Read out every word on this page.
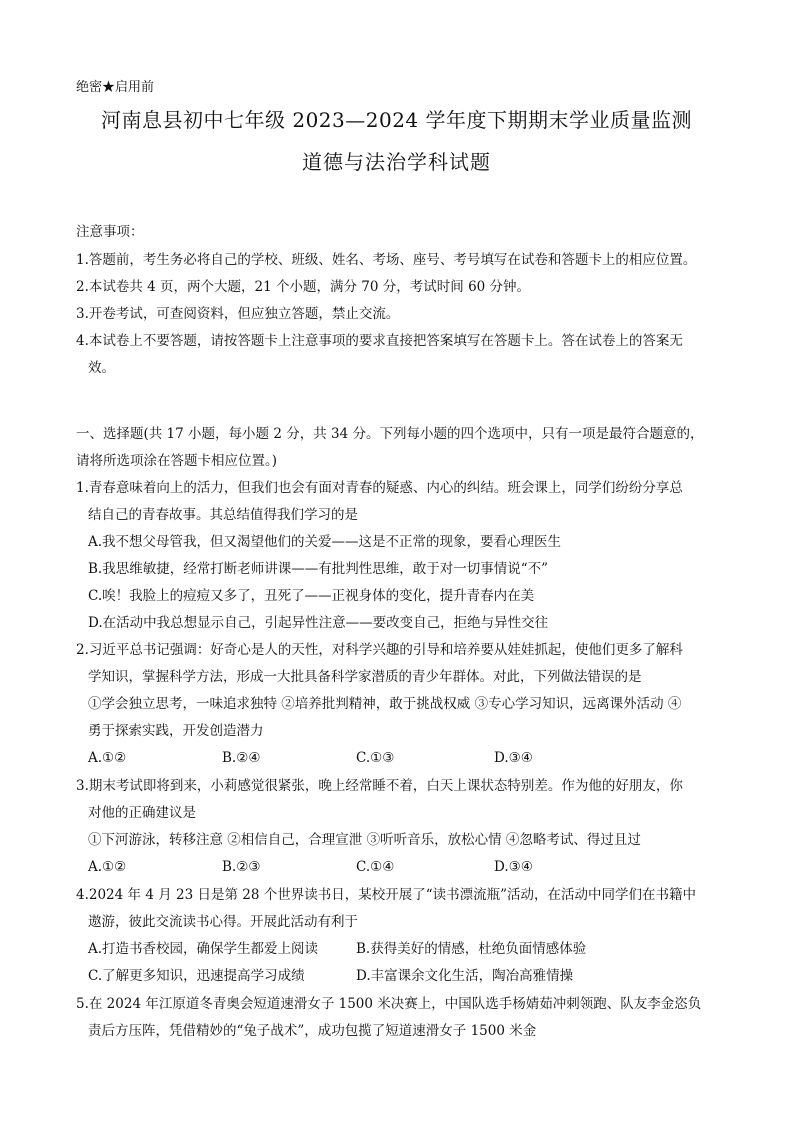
绝密★启用前
河南息县初中七年级 2023—2024 学年度下期期末学业质量监测
道德与法治学科试题
注意事项：
1.答题前，考生务必将自己的学校、班级、姓名、考场、座号、考号填写在试卷和答题卡上的相应位置。
2.本试卷共 4 页，两个大题，21 个小题，满分 70 分，考试时间 60 分钟。
3.开卷考试，可查阅资料，但应独立答题，禁止交流。
4.本试卷上不要答题，请按答题卡上注意事项的要求直接把答案填写在答题卡上。答在试卷上的答案无
效。
一、选择题(共 17 小题，每小题 2 分，共 34 分。下列每小题的四个选项中，只有一项是最符合题意的，
请将所选项涂在答题卡相应位置。)
1.青春意味着向上的活力，但我们也会有面对青春的疑惑、内心的纠结。班会课上，同学们纷纷分享总
结自己的青春故事。其总结值得我们学习的是
A.我不想父母管我，但又渴望他们的关爱——这是不正常的现象，要看心理医生
B.我思维敏捷，经常打断老师讲课——有批判性思维，敢于对一切事情说“不”
C.唉！我脸上的痘痘又多了，丑死了——正视身体的变化，提升青春内在美
D.在活动中我总想显示自己，引起异性注意——要改变自己，拒绝与异性交往
2.习近平总书记强调：好奇心是人的天性，对科学兴趣的引导和培养要从娃娃抓起，使他们更多了解科
学知识，掌握科学方法，形成一大批具备科学家潜质的青少年群体。对此，下列做法错误的是
①学会独立思考，一味追求独特 ②培养批判精神，敢于挑战权威 ③专心学习知识，远离课外活动 ④
勇于探索实践，开发创造潜力
A.①②	B.②④	C.①③	D.③④
3.期末考试即将到来，小莉感觉很紧张，晚上经常睡不着，白天上课状态特别差。作为他的好朋友，你
对他的正确建议是
①下河游泳，转移注意 ②相信自己，合理宣泄 ③听听音乐，放松心情 ④忽略考试、得过且过
A.①②	B.②③	C.①④	D.③④
4.2024 年 4 月 23 日是第 28 个世界读书日，某校开展了“读书漂流瓶”活动，在活动中同学们在书籍中
遨游，彼此交流读书心得。开展此活动有利于
A.打造书香校园，确保学生都爱上阅读	B.获得美好的情感，杜绝负面情感体验
C.了解更多知识，迅速提高学习成绩	D.丰富课余文化生活，陶冶高雅情操
5.在 2024 年江原道冬青奥会短道速滑女子 1500 米决赛上，中国队选手杨婧茹冲刺领跑、队友李金恣负
责后方压阵，凭借精妙的“兔子战术”，成功包揽了短道速滑女子 1500 米金
